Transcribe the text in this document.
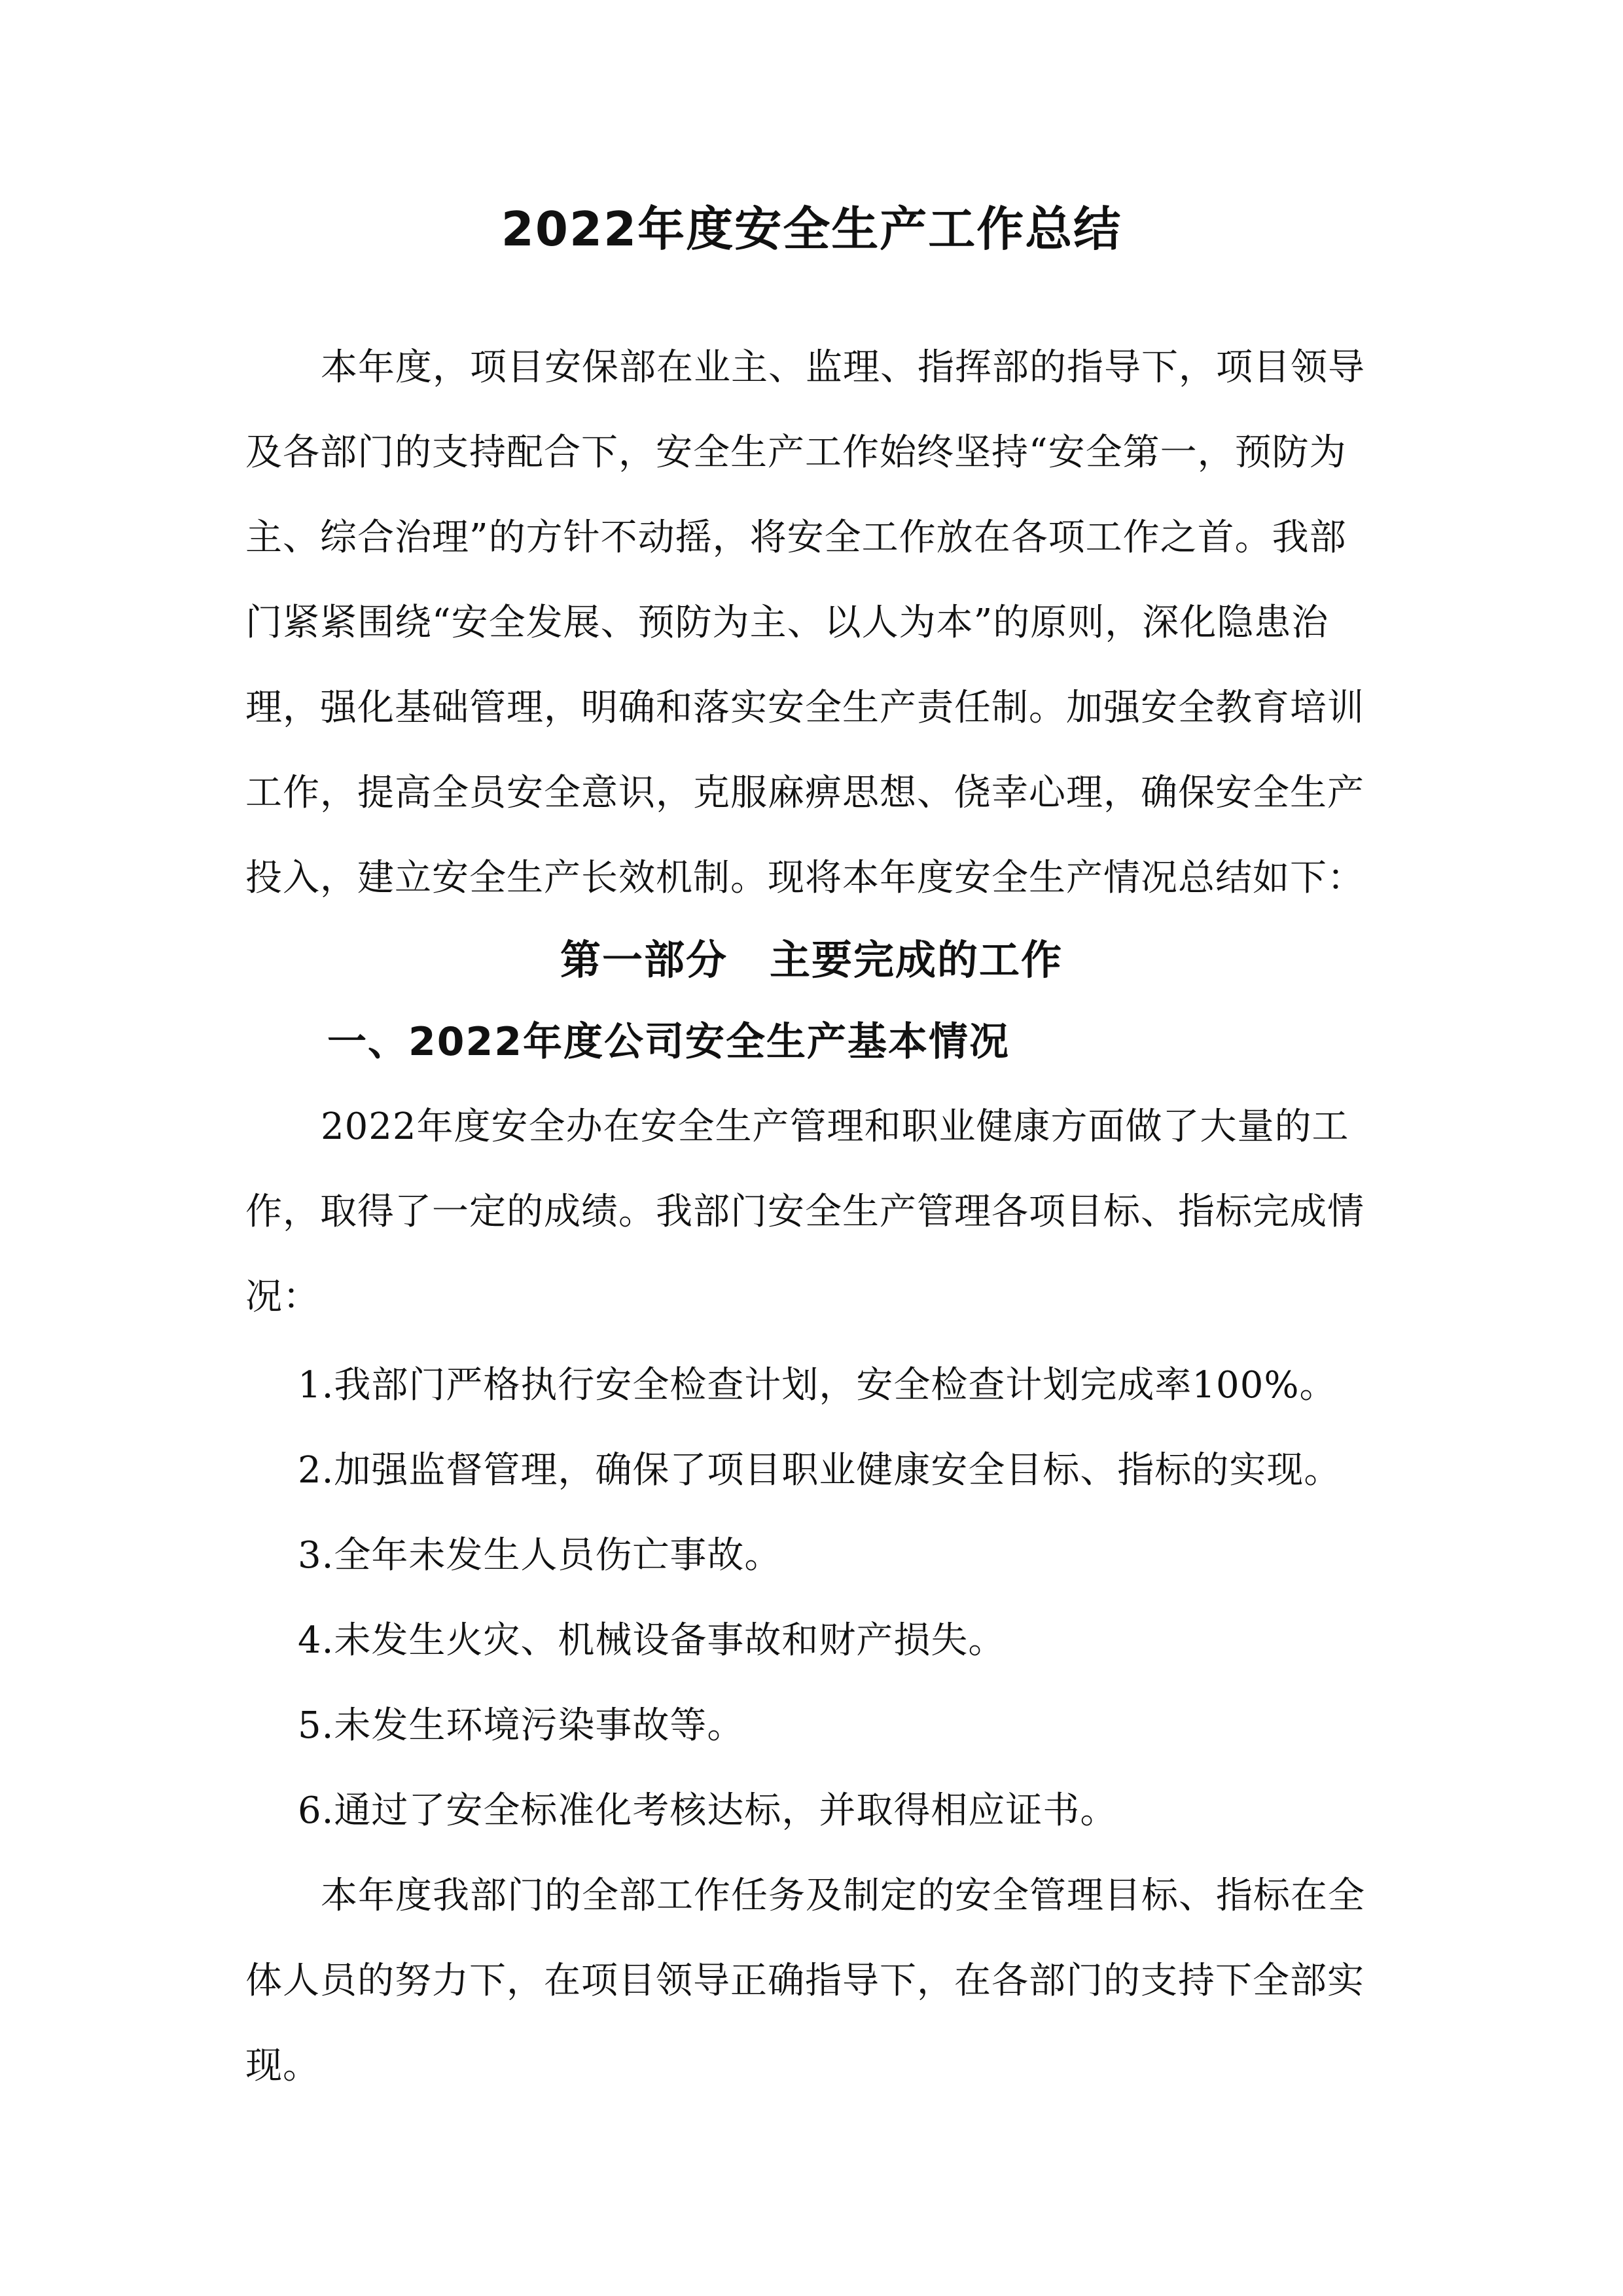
2022年度安全生产工作总结

本年度，项目安保部在业主、监理、指挥部的指导下，项目领导

及各部门的支持配合下，安全生产工作始终坚持“安全第一，预防为

主、综合治理”的方针不动摇，将安全工作放在各项工作之首。我部

门紧紧围绕“安全发展、预防为主、以人为本”的原则，深化隐患治

理，强化基础管理，明确和落实安全生产责任制。加强安全教育培训

工作，提高全员安全意识，克服麻痹思想、侥幸心理，确保安全生产

投入，建立安全生产长效机制。现将本年度安全生产情况总结如下：

第一部分　主要完成的工作
一、2022年度公司安全生产基本情况

2022年度安全办在安全生产管理和职业健康方面做了大量的工

作，取得了一定的成绩。我部门安全生产管理各项目标、指标完成情

况：

1.我部门严格执行安全检查计划，安全检查计划完成率100%。

2.加强监督管理，确保了项目职业健康安全目标、指标的实现。

3.全年未发生人员伤亡事故。

4.未发生火灾、机械设备事故和财产损失。

5.未发生环境污染事故等。

6.通过了安全标准化考核达标，并取得相应证书。

本年度我部门的全部工作任务及制定的安全管理目标、指标在全

体人员的努力下，在项目领导正确指导下，在各部门的支持下全部实

现。
